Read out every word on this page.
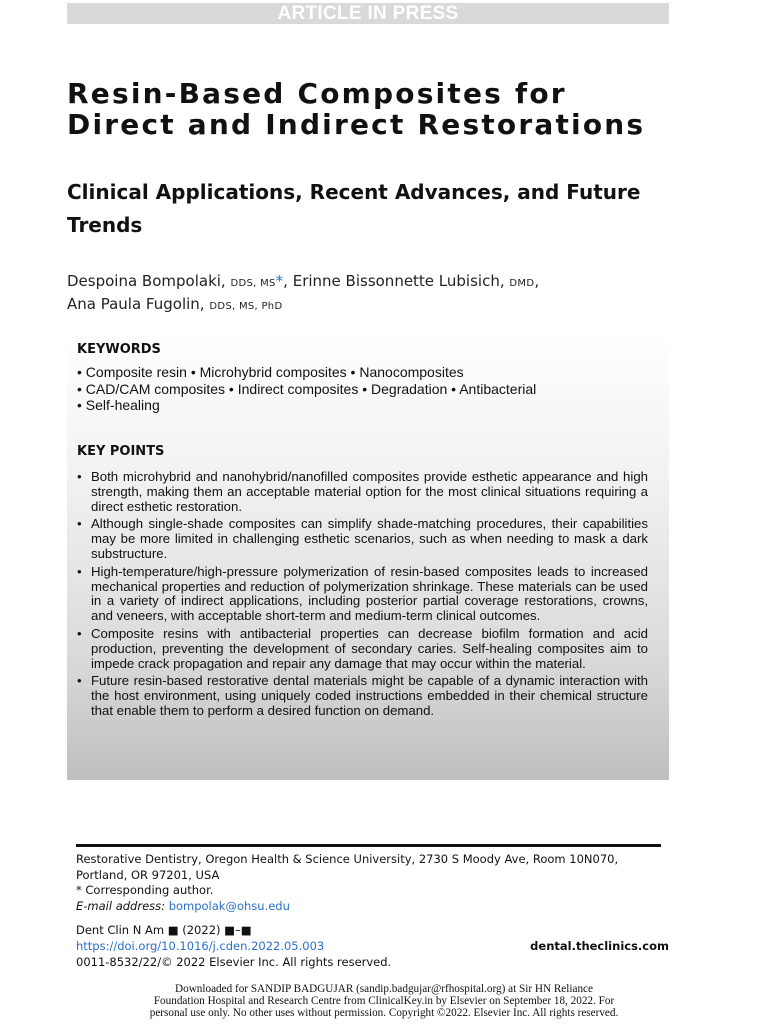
ARTICLE IN PRESS
Resin-Based Composites for Direct and Indirect Restorations
Clinical Applications, Recent Advances, and Future Trends
Despoina Bompolaki, DDS, MS*, Erinne Bissonnette Lubisich, DMD,
Ana Paula Fugolin, DDS, MS, PhD
KEYWORDS
• Composite resin • Microhybrid composites • Nanocomposites
• CAD/CAM composites • Indirect composites • Degradation • Antibacterial
• Self-healing
KEY POINTS
• Both microhybrid and nanohybrid/nanofilled composites provide esthetic appearance and high strength, making them an acceptable material option for the most clinical situations requiring a direct esthetic restoration.
• Although single-shade composites can simplify shade-matching procedures, their capabilities may be more limited in challenging esthetic scenarios, such as when needing to mask a dark substructure.
• High-temperature/high-pressure polymerization of resin-based composites leads to increased mechanical properties and reduction of polymerization shrinkage. These materials can be used in a variety of indirect applications, including posterior partial coverage restorations, crowns, and veneers, with acceptable short-term and medium-term clinical outcomes.
• Composite resins with antibacterial properties can decrease biofilm formation and acid production, preventing the development of secondary caries. Self-healing composites aim to impede crack propagation and repair any damage that may occur within the material.
• Future resin-based restorative dental materials might be capable of a dynamic interaction with the host environment, using uniquely coded instructions embedded in their chemical structure that enable them to perform a desired function on demand.

Restorative Dentistry, Oregon Health & Science University, 2730 S Moody Ave, Room 10N070,

Portland, OR 97201, USA

* Corresponding author.

E-mail address: bompolak@ohsu.edu

Dent Clin N Am ■ (2022) ■–■

https://doi.org/10.1016/j.cden.2022.05.003

0011-8532/22/© 2022 Elsevier Inc. All rights reserved.

dental.theclinics.com

Downloaded for SANDIP BADGUJAR (sandip.badgujar@rfhospital.org) at Sir HN Reliance

Foundation Hospital and Research Centre from ClinicalKey.in by Elsevier on September 18, 2022. For

personal use only. No other uses without permission. Copyright ©2022. Elsevier Inc. All rights reserved.
